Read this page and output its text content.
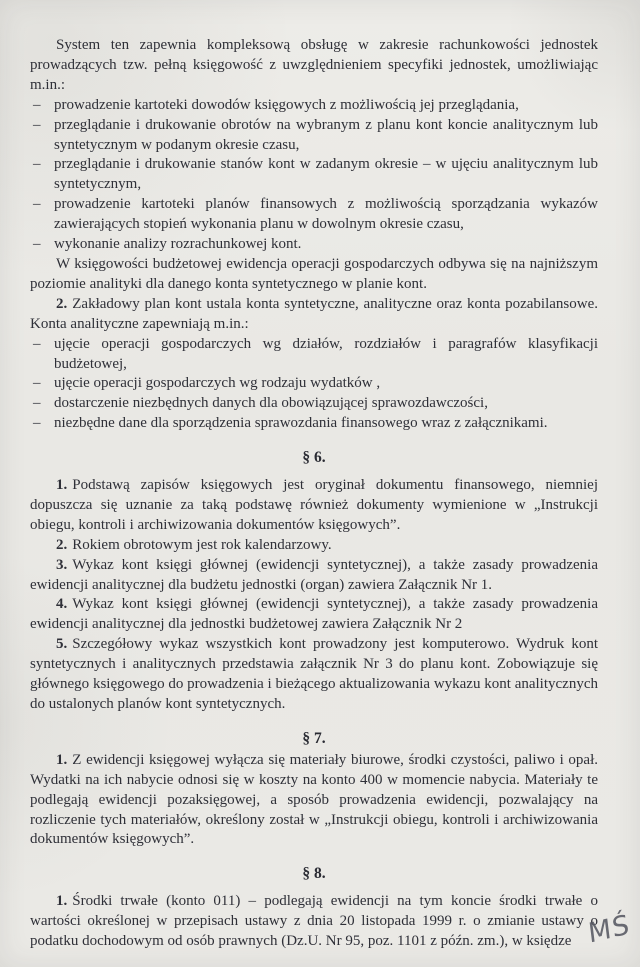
System ten zapewnia kompleksową obsługę w zakresie rachunkowości jednostek prowadzących tzw. pełną księgowość z uwzględnieniem specyfiki jednostek, umożliwiając m.in.:

– prowadzenie kartoteki dowodów księgowych z możliwością jej przeglądania,
– przeglądanie i drukowanie obrotów na wybranym z planu kont koncie analitycznym lub syntetycznym w podanym okresie czasu,
– przeglądanie i drukowanie stanów kont w zadanym okresie – w ujęciu analitycznym lub syntetycznym,
– prowadzenie kartoteki planów finansowych z możliwością sporządzania wykazów zawierających stopień wykonania planu w dowolnym okresie czasu,
– wykonanie analizy rozrachunkowej kont.

W księgowości budżetowej ewidencja operacji gospodarczych odbywa się na najniższym poziomie analityki dla danego konta syntetycznego w planie kont.

2. Zakładowy plan kont ustala konta syntetyczne, analityczne oraz konta pozabilansowe. Konta analityczne zapewniają m.in.:

– ujęcie operacji gospodarczych wg działów, rozdziałów i paragrafów klasyfikacji budżetowej,
– ujęcie operacji gospodarczych wg rodzaju wydatków ,
– dostarczenie niezbędnych danych dla obowiązującej sprawozdawczości,
– niezbędne dane dla sporządzenia sprawozdania finansowego wraz z załącznikami.

§ 6.

1. Podstawą zapisów księgowych jest oryginał dokumentu finansowego, niemniej dopuszcza się uznanie za taką podstawę również dokumenty wymienione w „Instrukcji obiegu, kontroli i archiwizowania dokumentów księgowych”.

2. Rokiem obrotowym jest rok kalendarzowy.

3. Wykaz kont księgi głównej (ewidencji syntetycznej), a także zasady prowadzenia ewidencji analitycznej dla budżetu jednostki (organ) zawiera Załącznik Nr 1.

4. Wykaz kont księgi głównej (ewidencji syntetycznej), a także zasady prowadzenia ewidencji analitycznej dla jednostki budżetowej zawiera Załącznik Nr 2

5. Szczegółowy wykaz wszystkich kont prowadzony jest komputerowo. Wydruk kont syntetycznych i analitycznych przedstawia załącznik Nr 3 do planu kont. Zobowiązuje się głównego księgowego do prowadzenia i bieżącego aktualizowania wykazu kont analitycznych do ustalonych planów kont syntetycznych.

§ 7.

1. Z ewidencji księgowej wyłącza się materiały biurowe, środki czystości, paliwo i opał. Wydatki na ich nabycie odnosi się w koszty na konto 400 w momencie nabycia. Materiały te podlegają ewidencji pozaksięgowej, a sposób prowadzenia ewidencji, pozwalający na rozliczenie tych materiałów, określony został w „Instrukcji obiegu, kontroli i archiwizowania dokumentów księgowych”.

§ 8.

1. Środki trwałe (konto 011) – podlegają ewidencji na tym koncie środki trwałe o wartości określonej w przepisach ustawy z dnia 20 listopada 1999 r. o zmianie ustawy o podatku dochodowym od osób prawnych (Dz.U. Nr 95, poz. 1101 z późn. zm.), w księdze MŚ
